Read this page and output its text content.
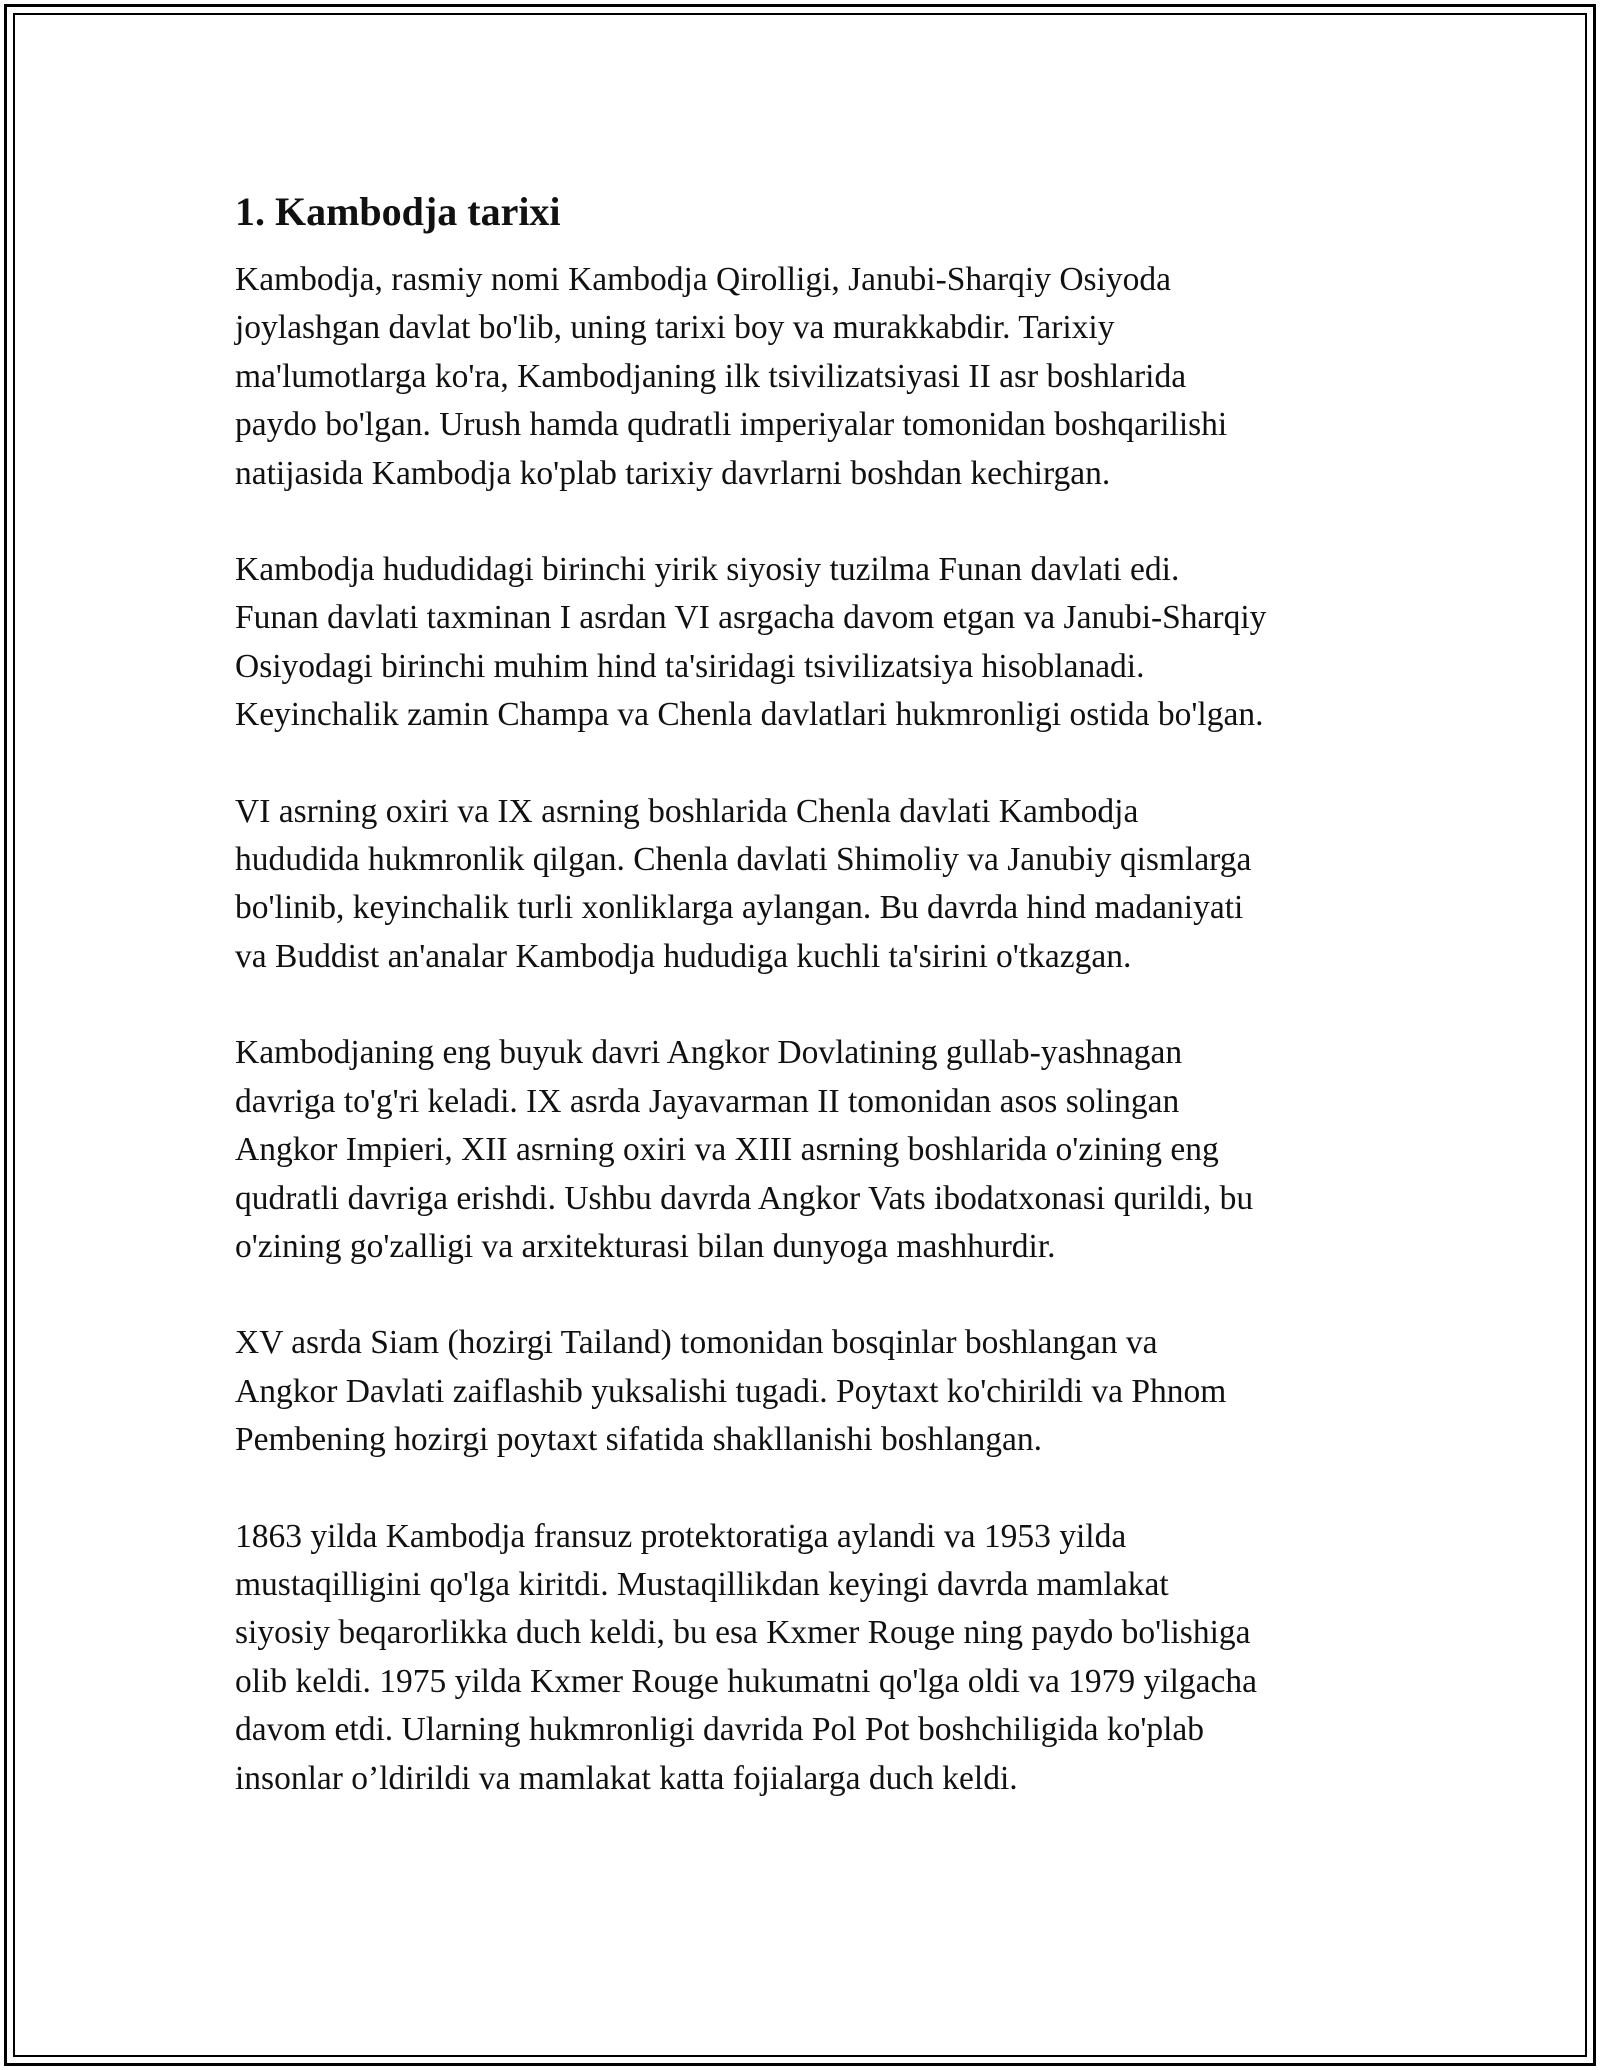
1. Kambodja tarixi
Kambodja, rasmiy nomi Kambodja Qirolligi, Janubi-Sharqiy Osiyoda
joylashgan davlat bo'lib, uning tarixi boy va murakkabdir. Tarixiy
ma'lumotlarga ko'ra, Kambodjaning ilk tsivilizatsiyasi II asr boshlarida
paydo bo'lgan. Urush hamda qudratli imperiyalar tomonidan boshqarilishi
natijasida Kambodja ko'plab tarixiy davrlarni boshdan kechirgan.
Kambodja hududidagi birinchi yirik siyosiy tuzilma Funan davlati edi.
Funan davlati taxminan I asrdan VI asrgacha davom etgan va Janubi-Sharqiy
Osiyodagi birinchi muhim hind ta'siridagi tsivilizatsiya hisoblanadi.
Keyinchalik zamin Champa va Chenla davlatlari hukmronligi ostida bo'lgan.
VI asrning oxiri va IX asrning boshlarida Chenla davlati Kambodja
hududida hukmronlik qilgan. Chenla davlati Shimoliy va Janubiy qismlarga
bo'linib, keyinchalik turli xonliklarga aylangan. Bu davrda hind madaniyati
va Buddist an'analar Kambodja hududiga kuchli ta'sirini o'tkazgan.
Kambodjaning eng buyuk davri Angkor Dovlatining gullab-yashnagan
davriga to'g'ri keladi. IX asrda Jayavarman II tomonidan asos solingan
Angkor Impieri, XII asrning oxiri va XIII asrning boshlarida o'zining eng
qudratli davriga erishdi. Ushbu davrda Angkor Vats ibodatxonasi qurildi, bu
o'zining go'zalligi va arxitekturasi bilan dunyoga mashhurdir.
XV asrda Siam (hozirgi Tailand) tomonidan bosqinlar boshlangan va
Angkor Davlati zaiflashib yuksalishi tugadi. Poytaxt ko'chirildi va Phnom
Pembening hozirgi poytaxt sifatida shakllanishi boshlangan.
1863 yilda Kambodja fransuz protektoratiga aylandi va 1953 yilda
mustaqilligini qo'lga kiritdi. Mustaqillikdan keyingi davrda mamlakat
siyosiy beqarorlikka duch keldi, bu esa Kxmer Rouge ning paydo bo'lishiga
olib keldi. 1975 yilda Kxmer Rouge hukumatni qo'lga oldi va 1979 yilgacha
davom etdi. Ularning hukmronligi davrida Pol Pot boshchiligida ko'plab
insonlar o’ldirildi va mamlakat katta fojialarga duch keldi.
